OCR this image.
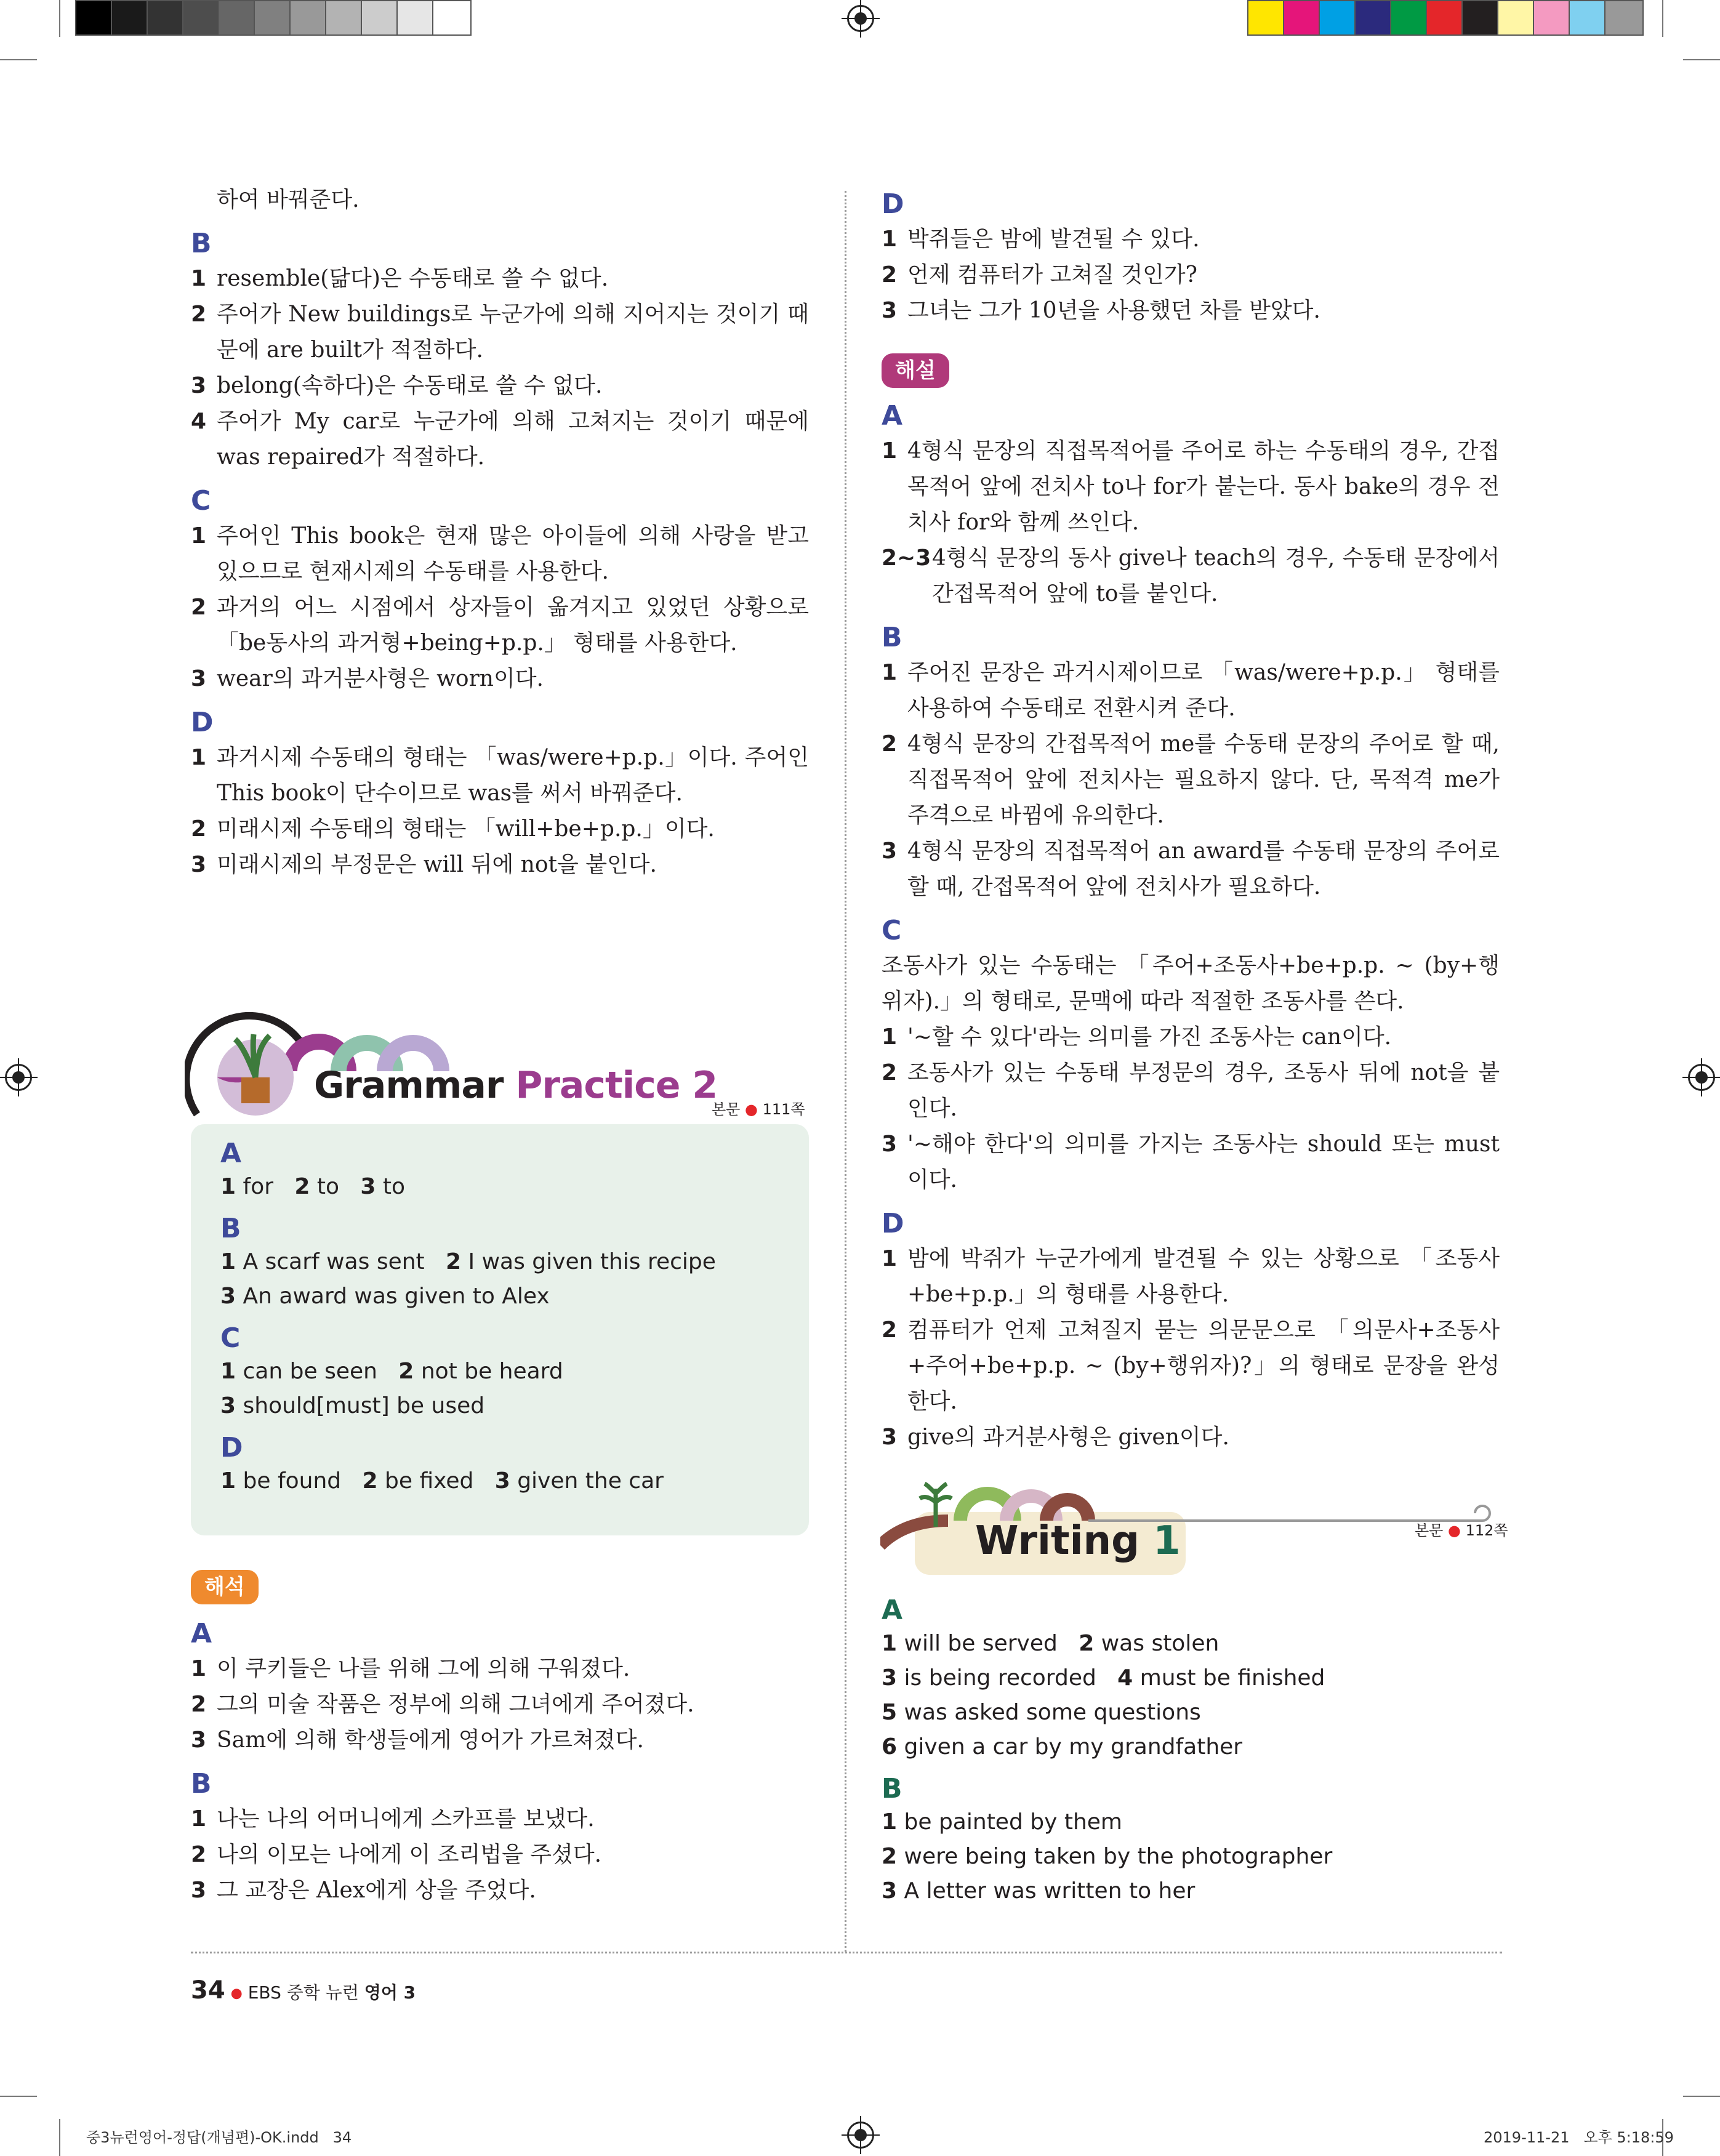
하여 바꿔준다.
B
1 resemble(닮다)은 수동태로 쓸 수 없다.
2 주어가 New buildings로 누군가에 의해 지어지는 것이기 때문에 are built가 적절하다.
3 belong(속하다)은 수동태로 쓸 수 없다.
4 주어가 My car로 누군가에 의해 고쳐지는 것이기 때문에 was repaired가 적절하다.
C
1 주어인 This book은 현재 많은 아이들에 의해 사랑을 받고 있으므로 현재시제의 수동태를 사용한다.
2 과거의 어느 시점에서 상자들이 옮겨지고 있었던 상황으로 「be동사의 과거형+being+p.p.」 형태를 사용한다.
3 wear의 과거분사형은 worn이다.
D
1 과거시제 수동태의 형태는 「was/were+p.p.」이다. 주어인 This book이 단수이므로 was를 써서 바꿔준다.
2 미래시제 수동태의 형태는 「will+be+p.p.」이다.
3 미래시제의 부정문은 will 뒤에 not을 붙인다.
Grammar Practice 2
본문 ● 111쪽
A
1 for 2 to 3 to
B
1 A scarf was sent 2 I was given this recipe
3 An award was given to Alex
C
1 can be seen 2 not be heard
3 should[must] be used
D
1 be found 2 be fixed 3 given the car
해석
A
1 이 쿠키들은 나를 위해 그에 의해 구워졌다.
2 그의 미술 작품은 정부에 의해 그녀에게 주어졌다.
3 Sam에 의해 학생들에게 영어가 가르쳐졌다.
B
1 나는 나의 어머니에게 스카프를 보냈다.
2 나의 이모는 나에게 이 조리법을 주셨다.
3 그 교장은 Alex에게 상을 주었다.
D
1 박쥐들은 밤에 발견될 수 있다.
2 언제 컴퓨터가 고쳐질 것인가?
3 그녀는 그가 10년을 사용했던 차를 받았다.
해설
A
1 4형식 문장의 직접목적어를 주어로 하는 수동태의 경우, 간접목적어 앞에 전치사 to나 for가 붙는다. 동사 bake의 경우 전치사 for와 함께 쓰인다.
2~3 4형식 문장의 동사 give나 teach의 경우, 수동태 문장에서 간접목적어 앞에 to를 붙인다.
B
1 주어진 문장은 과거시제이므로 「was/were+p.p.」 형태를 사용하여 수동태로 전환시켜 준다.
2 4형식 문장의 간접목적어 me를 수동태 문장의 주어로 할 때, 직접목적어 앞에 전치사는 필요하지 않다. 단, 목적격 me가 주격으로 바뀜에 유의한다.
3 4형식 문장의 직접목적어 an award를 수동태 문장의 주어로 할 때, 간접목적어 앞에 전치사가 필요하다.
C
조동사가 있는 수동태는 「주어+조동사+be+p.p. ~ (by+행위자).」의 형태로, 문맥에 따라 적절한 조동사를 쓴다.
1 '~할 수 있다'라는 의미를 가진 조동사는 can이다.
2 조동사가 있는 수동태 부정문의 경우, 조동사 뒤에 not을 붙인다.
3 '~해야 한다'의 의미를 가지는 조동사는 should 또는 must이다.
D
1 밤에 박쥐가 누군가에게 발견될 수 있는 상황으로 「조동사+be+p.p.」의 형태를 사용한다.
2 컴퓨터가 언제 고쳐질지 묻는 의문문으로 「의문사+조동사+주어+be+p.p. ~ (by+행위자)?」의 형태로 문장을 완성한다.
3 give의 과거분사형은 given이다.
Writing 1	본문 ● 112쪽
A
1 will be served 2 was stolen
3 is being recorded 4 must be finished
5 was asked some questions
6 given a car by my grandfather
B
1 be painted by them
2 were being taken by the photographer
3 A letter was written to her
34 ● EBS 중학 뉴런 영어 3
중3뉴런영어-정답(개념편)-OK.indd   34	2019-11-21   오후 5:18:59
